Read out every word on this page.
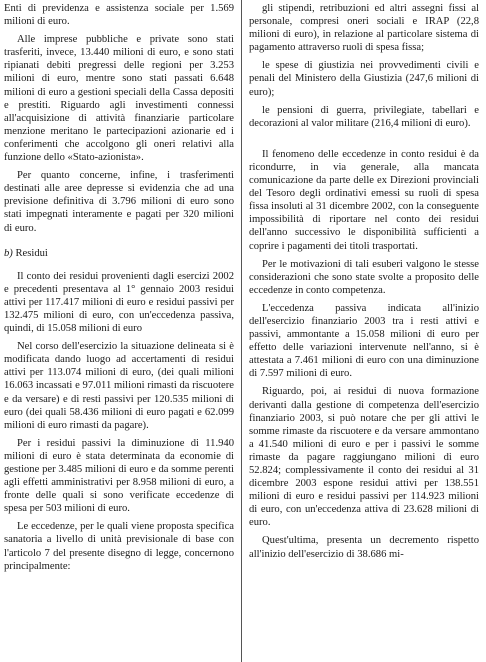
Enti di previdenza e assistenza sociale per 1.569 milioni di euro.

Alle imprese pubbliche e private sono stati trasferiti, invece, 13.440 milioni di euro, e sono stati ripianati debiti pregressi delle regioni per 3.253 milioni di euro, mentre sono stati passati 6.648 milioni di euro a gestioni speciali della Cassa depositi e prestiti. Riguardo agli investimenti connessi all'acquisizione di attività finanziarie particolare menzione meritano le partecipazioni azionarie ed i conferimenti che accolgono gli oneri relativi alla funzione dello «Stato-azionista».

Per quanto concerne, infine, i trasferimenti destinati alle aree depresse si evidenzia che ad una previsione definitiva di 3.796 milioni di euro sono stati impegnati interamente e pagati per 320 milioni di euro.

b) Residui

Il conto dei residui provenienti dagli esercizi 2002 e precedenti presentava al 1° gennaio 2003 residui attivi per 117.417 milioni di euro e residui passivi per 132.475 milioni di euro, con un'eccedenza passiva, quindi, di 15.058 milioni di euro

Nel corso dell'esercizio la situazione delineata si è modificata dando luogo ad accertamenti di residui attivi per 113.074 milioni di euro, (dei quali milioni 16.063 incassati e 97.011 milioni rimasti da riscuotere e da versare) e di resti passivi per 120.535 milioni di euro (dei quali 58.436 milioni di euro pagati e 62.099 milioni di euro rimasti da pagare).

Per i residui passivi la diminuzione di 11.940 milioni di euro è stata determinata da economie di gestione per 3.485 milioni di euro e da somme perenti agli effetti amministrativi per 8.958 milioni di euro, a fronte delle quali si sono verificate eccedenze di spesa per 503 milioni di euro.

Le eccedenze, per le quali viene proposta specifica sanatoria a livello di unità previsionale di base con l'articolo 7 del presente disegno di legge, concernono principalmente:

gli stipendi, retribuzioni ed altri assegni fissi al personale, compresi oneri sociali e IRAP (22,8 milioni di euro), in relazione al particolare sistema di pagamento attraverso ruoli di spesa fissa;

le spese di giustizia nei provvedimenti civili e penali del Ministero della Giustizia (247,6 milioni di euro);

le pensioni di guerra, privilegiate, tabellari e decorazioni al valor militare (216,4 milioni di euro).

Il fenomeno delle eccedenze in conto residui è da ricondurre, in via generale, alla mancata comunicazione da parte delle ex Direzioni provinciali del Tesoro degli ordinativi emessi su ruoli di spesa fissa insoluti al 31 dicembre 2002, con la conseguente impossibilità di riportare nel conto dei residui dell'anno successivo le disponibilità sufficienti a coprire i pagamenti dei titoli trasportati.

Per le motivazioni di tali esuberi valgono le stesse considerazioni che sono state svolte a proposito delle eccedenze in conto competenza.

L'eccedenza passiva indicata all'inizio dell'esercizio finanziario 2003 tra i resti attivi e passivi, ammontante a 15.058 milioni di euro per effetto delle variazioni intervenute nell'anno, si è attestata a 7.461 milioni di euro con una diminuzione di 7.597 milioni di euro.

Riguardo, poi, ai residui di nuova formazione derivanti dalla gestione di competenza dell'esercizio finanziario 2003, si può notare che per gli attivi le somme rimaste da riscuotere e da versare ammontano a 41.540 milioni di euro e per i passivi le somme rimaste da pagare raggiungano milioni di euro 52.824; complessivamente il conto dei residui al 31 dicembre 2003 espone residui attivi per 138.551 milioni di euro e residui passivi per 114.923 milioni di euro, con un'eccedenza attiva di 23.628 milioni di euro.

Quest'ultima, presenta un decremento rispetto all'inizio dell'esercizio di 38.686 mi-
